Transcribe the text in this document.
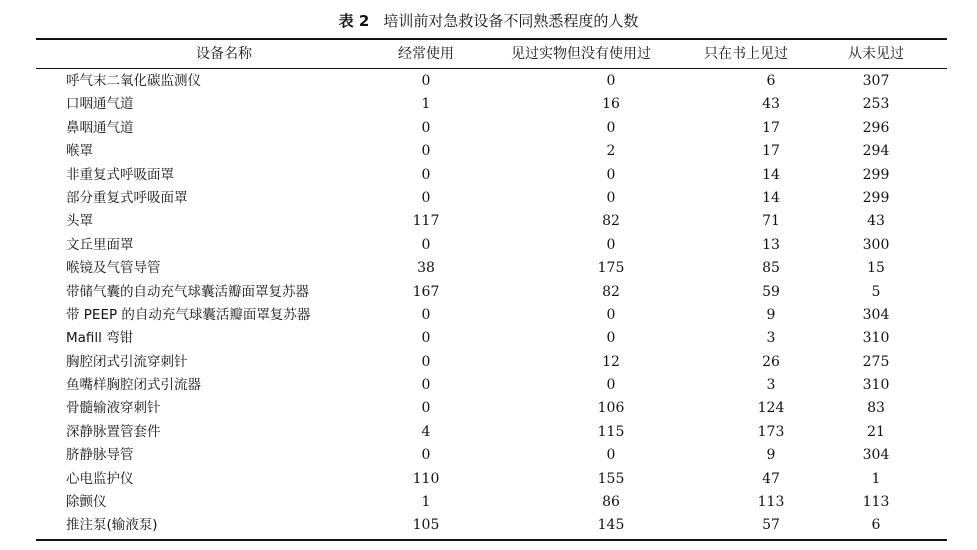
表 2 培训前对急救设备不同熟悉程度的人数
设备名称	经常使用	见过实物但没有使用过	只在书上见过	从未见过
呼气末二氧化碳监测仪	0	0	6	307
口咽通气道	1	16	43	253
鼻咽通气道	0	0	17	296
喉罩	0	2	17	294
非重复式呼吸面罩	0	0	14	299
部分重复式呼吸面罩	0	0	14	299
头罩	117	82	71	43
文丘里面罩	0	0	13	300
喉镜及气管导管	38	175	85	15
带储气囊的自动充气球囊活瓣面罩复苏器	167	82	59	5
带 PEEP 的自动充气球囊活瓣面罩复苏器	0	0	9	304
Mafill 弯钳	0	0	3	310
胸腔闭式引流穿刺针	0	12	26	275
鱼嘴样胸腔闭式引流器	0	0	3	310
骨髓输液穿刺针	0	106	124	83
深静脉置管套件	4	115	173	21
脐静脉导管	0	0	9	304
心电监护仪	110	155	47	1
除颤仪	1	86	113	113
推注泵(输液泵)	105	145	57	6
